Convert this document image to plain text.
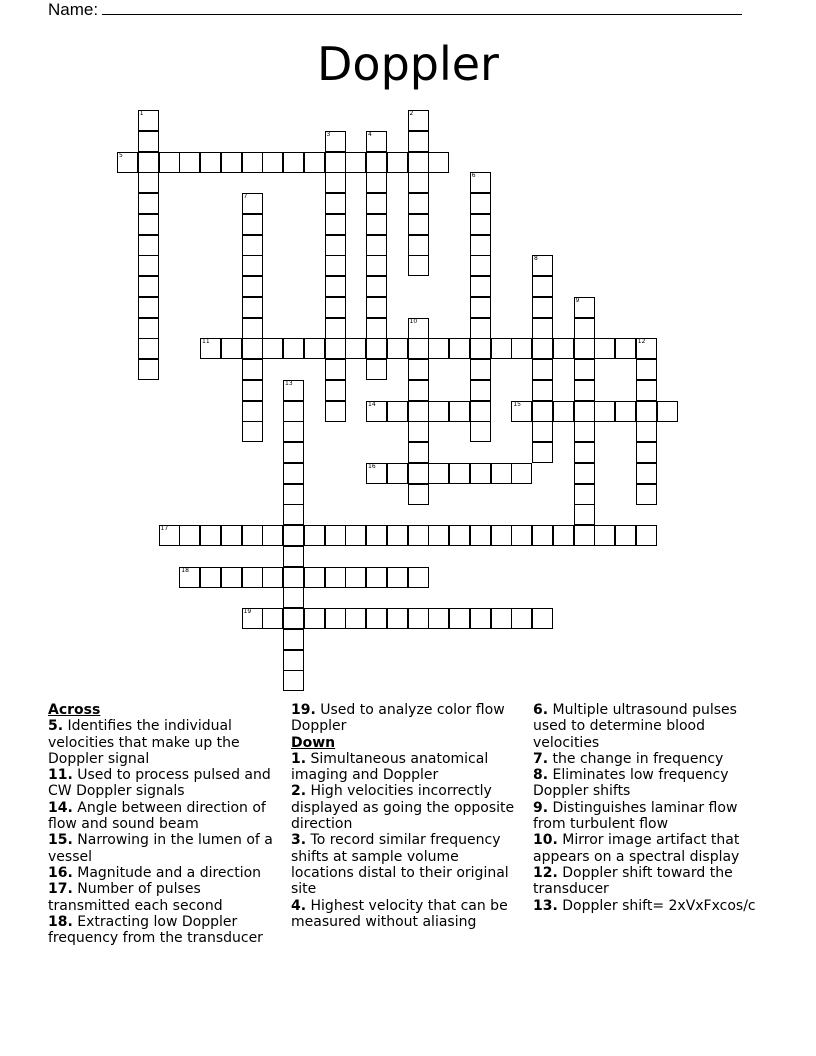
Name:
Doppler
5
11	12
14	15
16
17
18
19
1	2
3	4
6
7
8
9
10
13
Across
5. Identifies the individual velocities that make up the Doppler signal
11. Used to process pulsed and CW Doppler signals
14. Angle between direction of flow and sound beam
15. Narrowing in the lumen of a vessel
16. Magnitude and a direction
17. Number of pulses transmitted each second
18. Extracting low Doppler frequency from the transducer
19. Used to analyze color flow Doppler
Down
1. Simultaneous anatomical imaging and Doppler
2. High velocities incorrectly displayed as going the opposite direction
3. To record similar frequency shifts at sample volume locations distal to their original site
4. Highest velocity that can be measured without aliasing
6. Multiple ultrasound pulses used to determine blood velocities
7. the change in frequency
8. Eliminates low frequency Doppler shifts
9. Distinguishes laminar flow from turbulent flow
10. Mirror image artifact that appears on a spectral display
12. Doppler shift toward the transducer
13. Doppler shift= 2xVxFxcos/c
